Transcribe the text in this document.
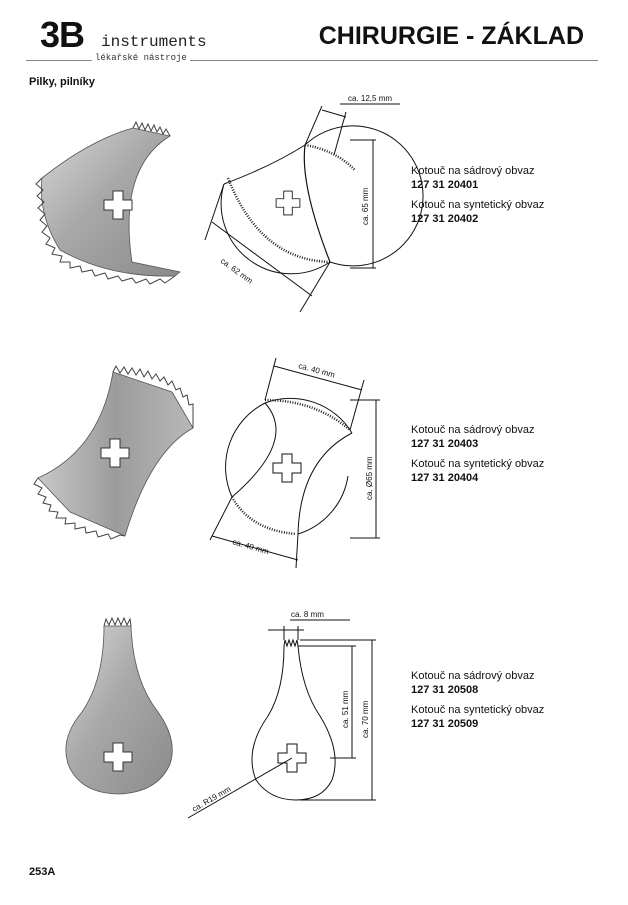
3B instruments
lékařské nástroje
CHIRURGIE - ZÁKLAD
Pilky, pilníky
ca. 12,5 mm
ca. 65 mm
ca. 62 mm
ca. 40 mm
ca. Ø65 mm
ca. 40 mm
ca. 8 mm
ca. 51 mm ca. 70 mm
ca. R19 mm
Kotouč na sádrový obvaz
127 31 20401
Kotouč na syntetický obvaz
127 31 20402
Kotouč na sádrový obvaz
127 31 20403
Kotouč na syntetický obvaz
127 31 20404
Kotouč na sádrový obvaz
127 31 20508
Kotouč na syntetický obvaz
127 31 20509
253A
